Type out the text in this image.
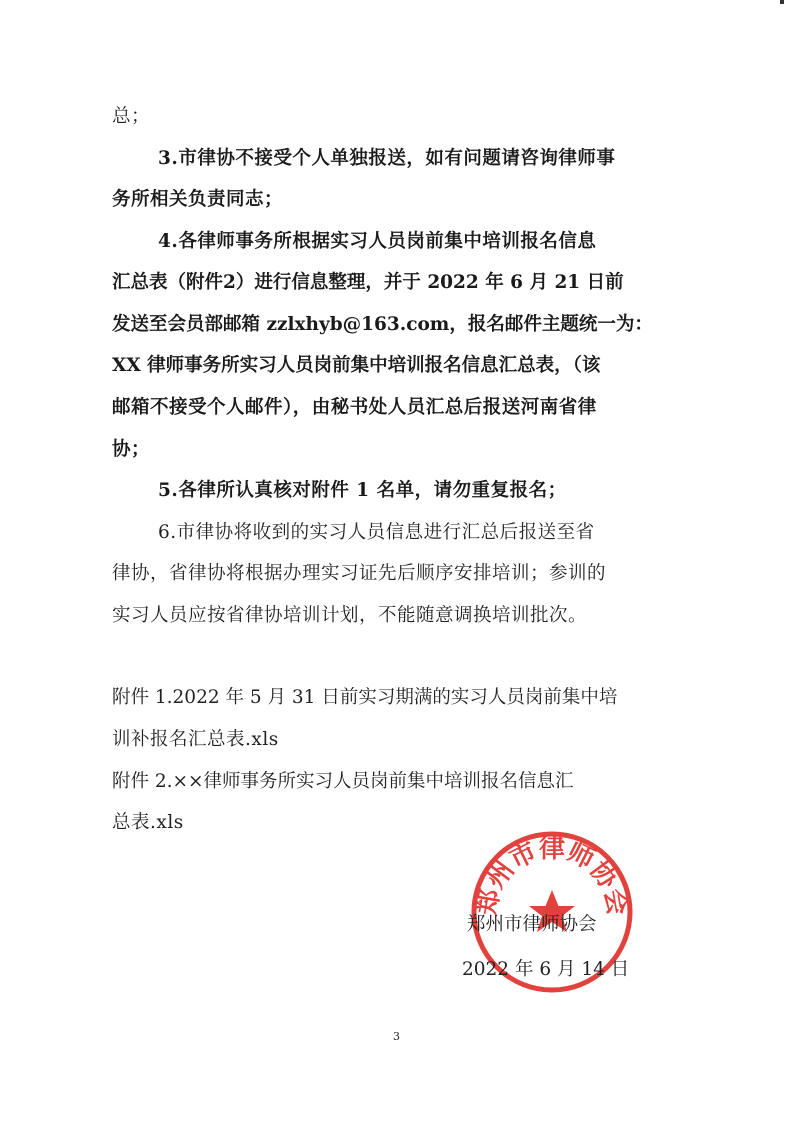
总；
3.市律协不接受个人单独报送，如有问题请咨询律师事
务所相关负责同志；
4.各律师事务所根据实习人员岗前集中培训报名信息
汇总表（附件2）进行信息整理，并于 2022 年 6 月 21 日前
发送至会员部邮箱 zzlxhyb@163.com，报名邮件主题统一为：
XX 律师事务所实习人员岗前集中培训报名信息汇总表，（该
邮箱不接受个人邮件），由秘书处人员汇总后报送河南省律
协；
5.各律所认真核对附件 1 名单，请勿重复报名；
6.市律协将收到的实习人员信息进行汇总后报送至省
律协，省律协将根据办理实习证先后顺序安排培训；参训的
实习人员应按省律协培训计划，不能随意调换培训批次。
附件 1.2022 年 5 月 31 日前实习期满的实习人员岗前集中培
训补报名汇总表.xls
附件 2.××律师事务所实习人员岗前集中培训报名信息汇
总表.xls
郑州市律师协会
郑州市律师协会
2022 年 6 月 14 日
3
